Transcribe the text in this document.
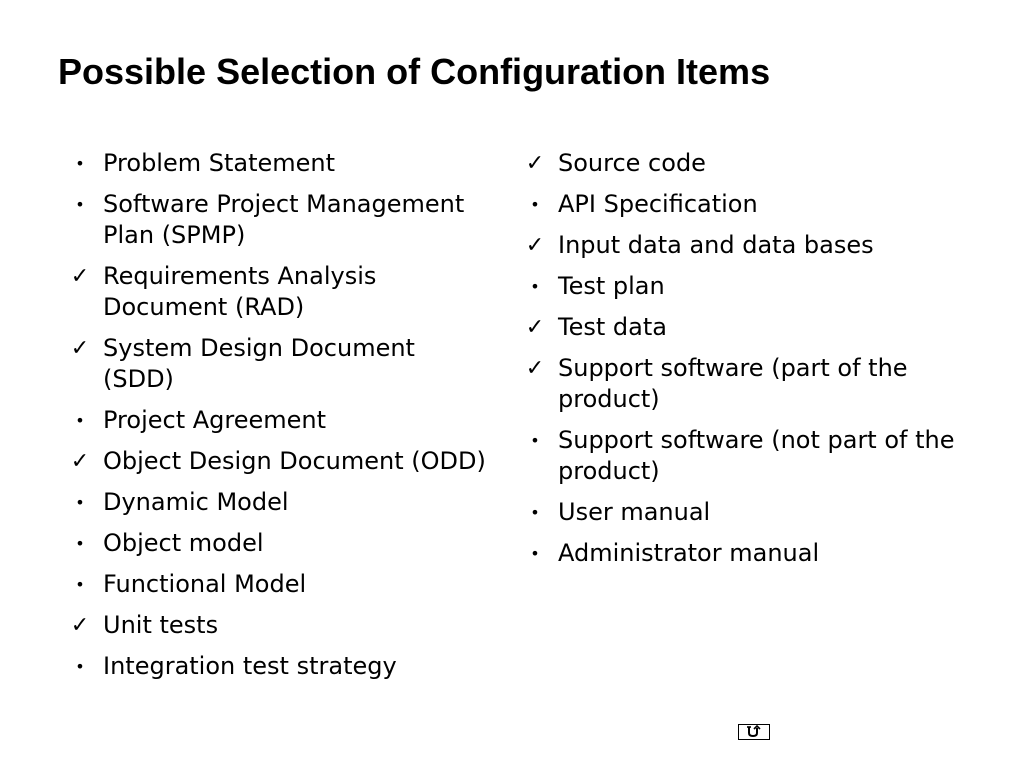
Possible Selection of Configuration Items
• Problem Statement
• Software Project Management Plan (SPMP)
✓ Requirements Analysis Document (RAD)
✓ System Design Document (SDD)
• Project Agreement
✓ Object Design Document (ODD)
• Dynamic Model
• Object model
• Functional Model
✓ Unit tests
• Integration test strategy
✓ Source code
• API Specification
✓ Input data and data bases
• Test plan
✓ Test data
✓ Support software (part of the product)
• Support software (not part of the product)
• User manual
• Administrator manual
